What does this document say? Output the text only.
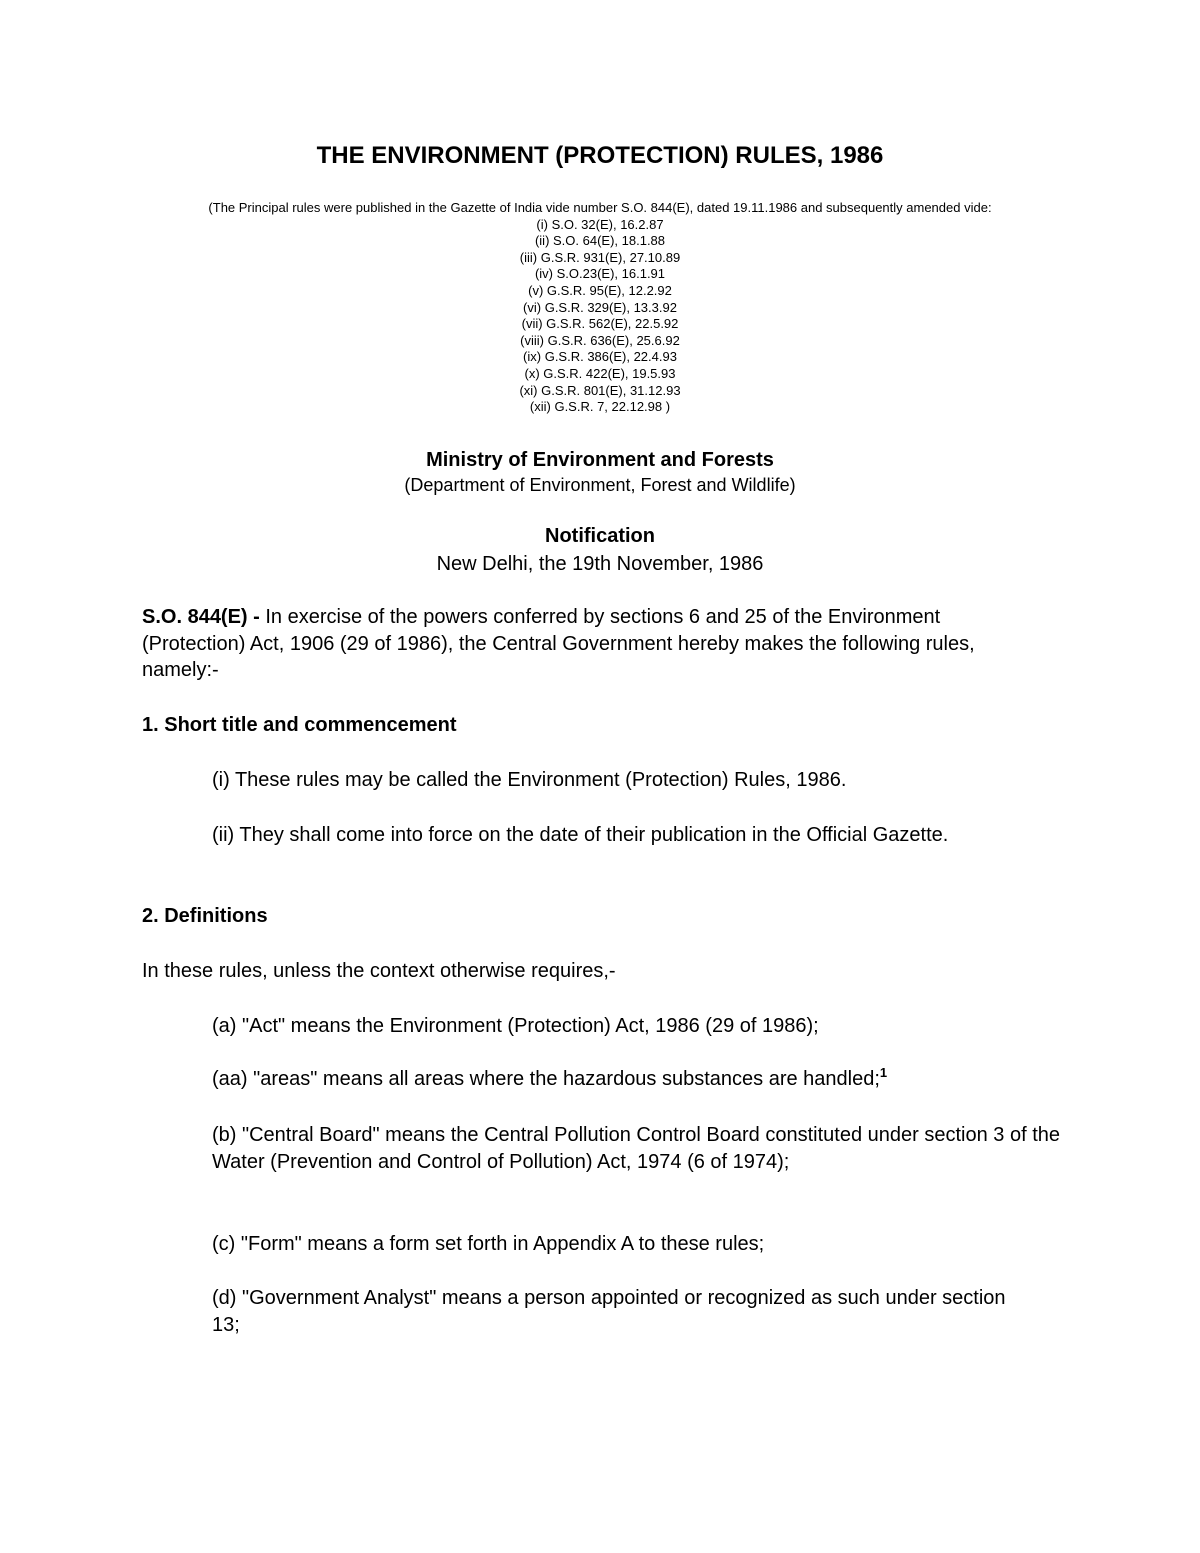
THE ENVIRONMENT (PROTECTION) RULES, 1986
(The Principal rules were published in the Gazette of India vide number S.O. 844(E), dated 19.11.1986 and subsequently amended vide:
(i) S.O. 32(E), 16.2.87
(ii) S.O. 64(E), 18.1.88
(iii) G.S.R. 931(E), 27.10.89
(iv) S.O.23(E), 16.1.91
(v) G.S.R. 95(E), 12.2.92
(vi) G.S.R. 329(E), 13.3.92
(vii) G.S.R. 562(E), 22.5.92
(viii) G.S.R. 636(E), 25.6.92
(ix) G.S.R. 386(E), 22.4.93
(x) G.S.R. 422(E), 19.5.93
(xi) G.S.R. 801(E), 31.12.93
(xii) G.S.R. 7, 22.12.98 )
Ministry of Environment and Forests
(Department of Environment, Forest and Wildlife)
Notification
New Delhi, the 19th November, 1986
S.O. 844(E) - In exercise of the powers conferred by sections 6 and 25 of the Environment (Protection) Act, 1906 (29 of 1986), the Central Government hereby makes the following rules, namely:-
1. Short title and commencement
(i) These rules may be called the Environment (Protection) Rules, 1986.
(ii) They shall come into force on the date of their publication in the Official Gazette.
2. Definitions
In these rules, unless the context otherwise requires,-
(a) "Act" means the Environment (Protection) Act, 1986 (29 of 1986);
(aa) "areas" means all areas where the hazardous substances are handled;$^1$
(b) "Central Board" means the Central Pollution Control Board constituted under section 3 of the Water (Prevention and Control of Pollution) Act, 1974 (6 of 1974);
(c) "Form" means a form set forth in Appendix A to these rules;
(d) "Government Analyst" means a person appointed or recognized as such under section 13;
